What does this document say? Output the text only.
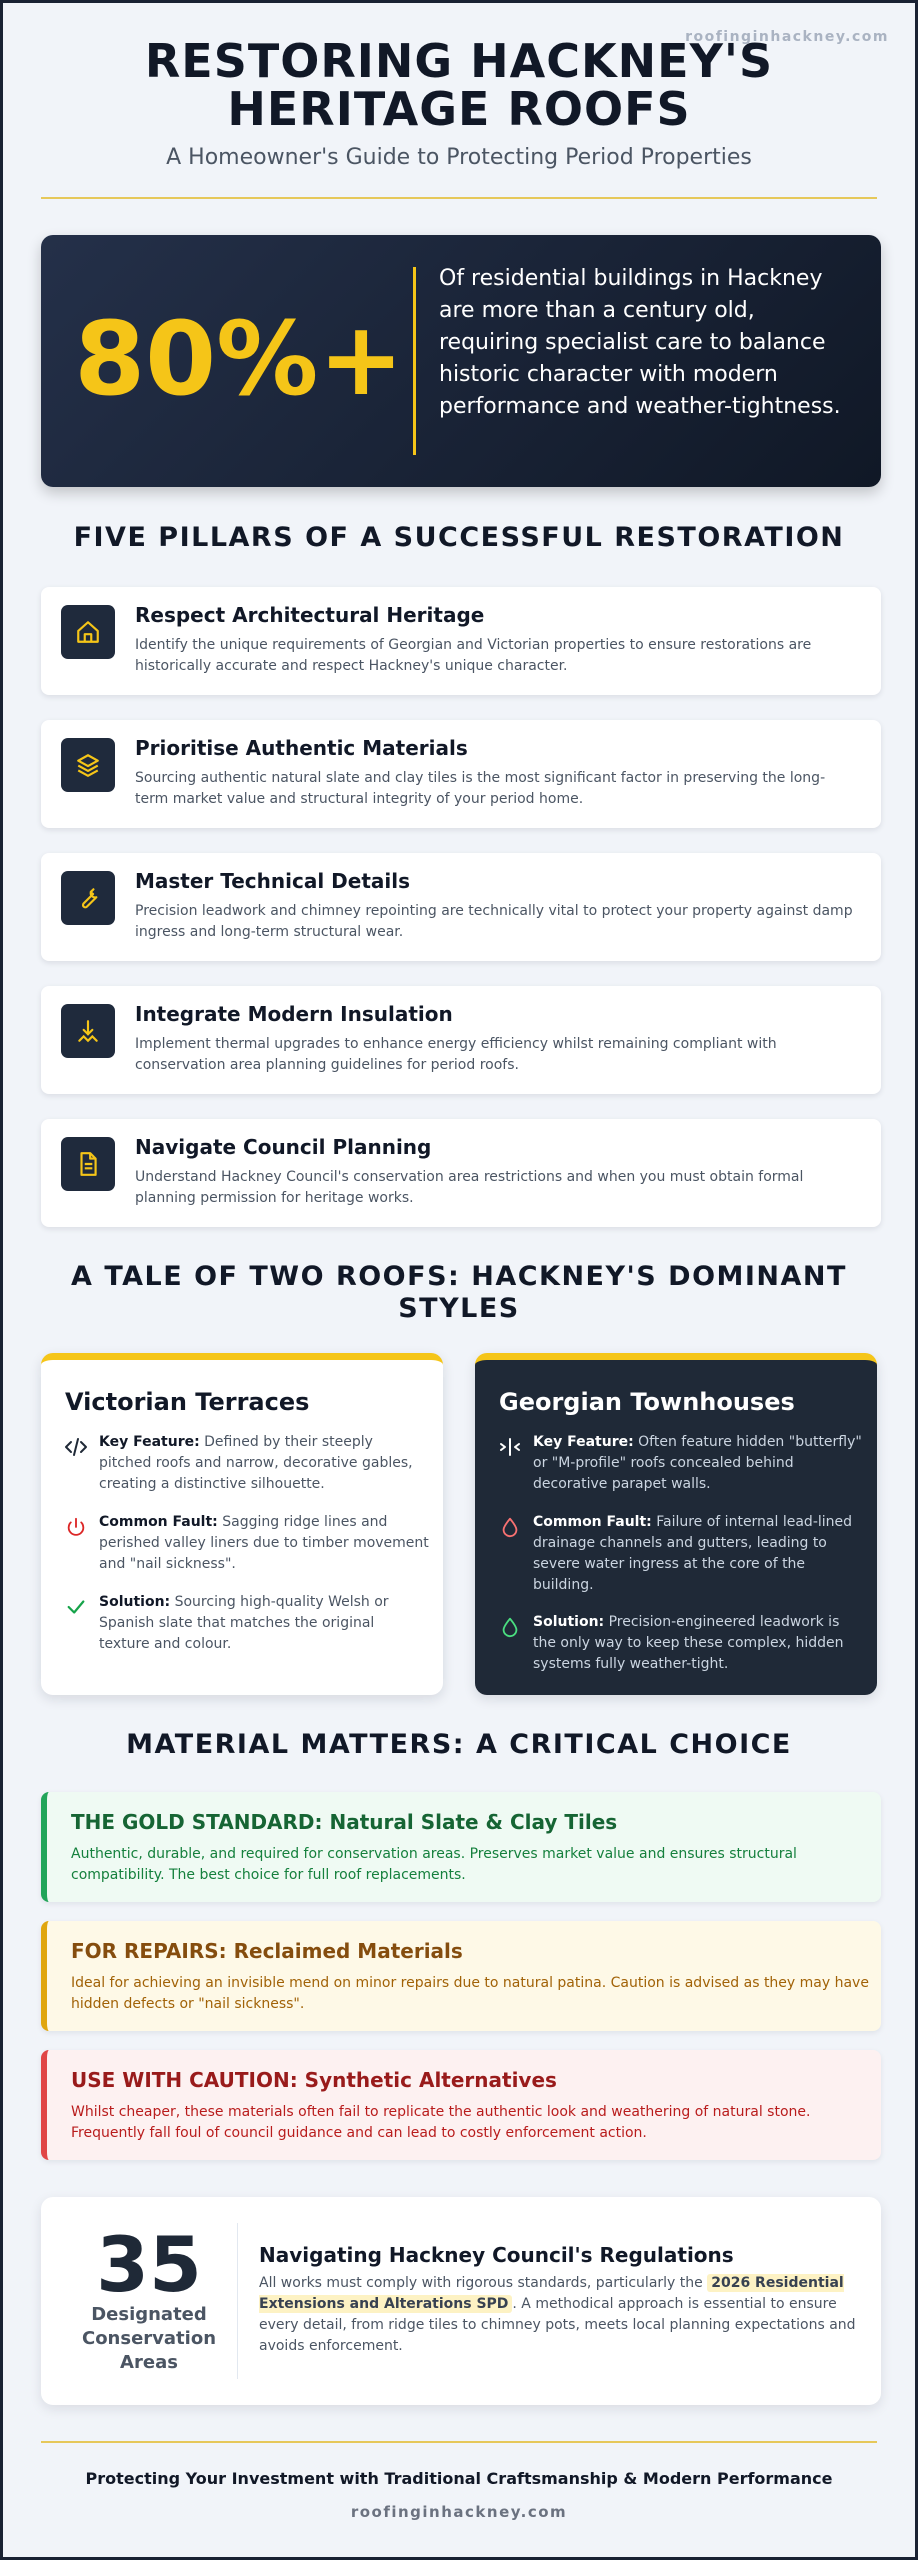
roofinginhackney.com
RESTORING HACKNEY'S
HERITAGE ROOFS
A Homeowner's Guide to Protecting Period Properties
80%+
Of residential buildings in Hackney are more than a century old, requiring specialist care to balance historic character with modern performance and weather-tightness.
FIVE PILLARS OF A SUCCESSFUL RESTORATION
Respect Architectural Heritage

Identify the unique requirements of Georgian and Victorian properties to ensure restorations are historically accurate and respect Hackney's unique character.

Prioritise Authentic Materials

Sourcing authentic natural slate and clay tiles is the most significant factor in preserving the long-term market value and structural integrity of your period home.

Master Technical Details

Precision leadwork and chimney repointing are technically vital to protect your property against damp ingress and long-term structural wear.

Integrate Modern Insulation

Implement thermal upgrades to enhance energy efficiency whilst remaining compliant with conservation area planning guidelines for period roofs.

Navigate Council Planning

Understand Hackney Council's conservation area restrictions and when you must obtain formal planning permission for heritage works.

A TALE OF TWO ROOFS: HACKNEY'S DOMINANT
STYLES
Victorian Terraces
Key Feature: Defined by their steeply pitched roofs and narrow, decorative gables, creating a distinctive silhouette.
Common Fault: Sagging ridge lines and perished valley liners due to timber movement and "nail sickness".
Solution: Sourcing high-quality Welsh or Spanish slate that matches the original texture and colour.
Georgian Townhouses
Key Feature: Often feature hidden "butterfly" or "M-profile" roofs concealed behind decorative parapet walls.
Common Fault: Failure of internal lead-lined drainage channels and gutters, leading to severe water ingress at the core of the building.
Solution: Precision-engineered leadwork is the only way to keep these complex, hidden systems fully weather-tight.
MATERIAL MATTERS: A CRITICAL CHOICE
THE GOLD STANDARD: Natural Slate & Clay Tiles

Authentic, durable, and required for conservation areas. Preserves market value and ensures structural compatibility. The best choice for full roof replacements.

FOR REPAIRS: Reclaimed Materials

Ideal for achieving an invisible mend on minor repairs due to natural patina. Caution is advised as they may have hidden defects or "nail sickness".

USE WITH CAUTION: Synthetic Alternatives

Whilst cheaper, these materials often fail to replicate the authentic look and weathering of natural stone. Frequently fall foul of council guidance and can lead to costly enforcement action.

35
Designated Conservation Areas
Navigating Hackney Council's Regulations
All works must comply with rigorous standards, particularly the 2026 Residential Extensions and Alterations SPD . A methodical approach is essential to ensure every detail, from ridge tiles to chimney pots, meets local planning expectations and avoids enforcement.
Protecting Your Investment with Traditional Craftsmanship & Modern Performance
roofinginhackney.com
